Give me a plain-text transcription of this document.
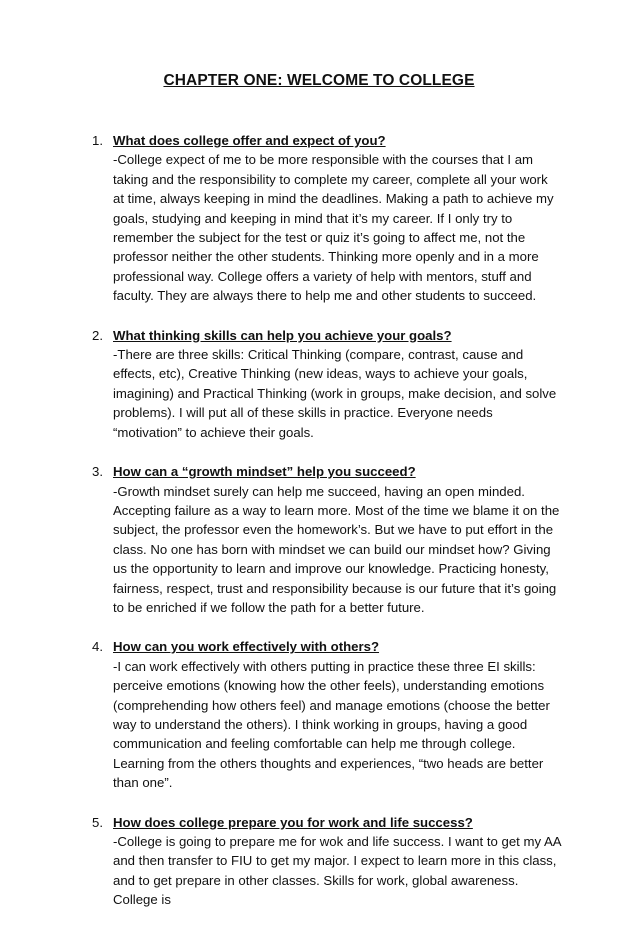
CHAPTER ONE: WELCOME TO COLLEGE
1. What does college offer and expect of you?

-College expect of me to be more responsible with the courses that I am taking and the responsibility to complete my career, complete all your work at time, always keeping in mind the deadlines. Making a path to achieve my goals, studying and keeping in mind that it’s my career. If I only try to remember the subject for the test or quiz it’s going to affect me, not the professor neither the other students. Thinking more openly and in a more professional way. College offers a variety of help with mentors, stuff and faculty. They are always there to help me and other students to succeed.

2. What thinking skills can help you achieve your goals?

-There are three skills: Critical Thinking (compare, contrast, cause and effects, etc), Creative Thinking (new ideas, ways to achieve your goals, imagining) and Practical Thinking (work in groups, make decision, and solve problems). I will put all of these skills in practice. Everyone needs “motivation” to achieve their goals.

3. How can a “growth mindset” help you succeed?

-Growth mindset surely can help me succeed, having an open minded. Accepting failure as a way to learn more. Most of the time we blame it on the subject, the professor even the homework’s. But we have to put effort in the class. No one has born with mindset we can build our mindset how? Giving us the opportunity to learn and improve our knowledge. Practicing honesty, fairness, respect, trust and responsibility because is our future that it’s going to be enriched if we follow the path for a better future.

4. How can you work effectively with others?

-I can work effectively with others putting in practice these three EI skills: perceive emotions (knowing how the other feels), understanding emotions (comprehending how others feel) and manage emotions (choose the better way to understand the others). I think working in groups, having a good communication and feeling comfortable can help me through college. Learning from the others thoughts and experiences, “two heads are better than one”.

5. How does college prepare you for work and life success?

-College is going to prepare me for wok and life success. I want to get my AA and then transfer to FIU to get my major. I expect to learn more in this class, and to get prepare in other classes. Skills for work, global awareness. College is
